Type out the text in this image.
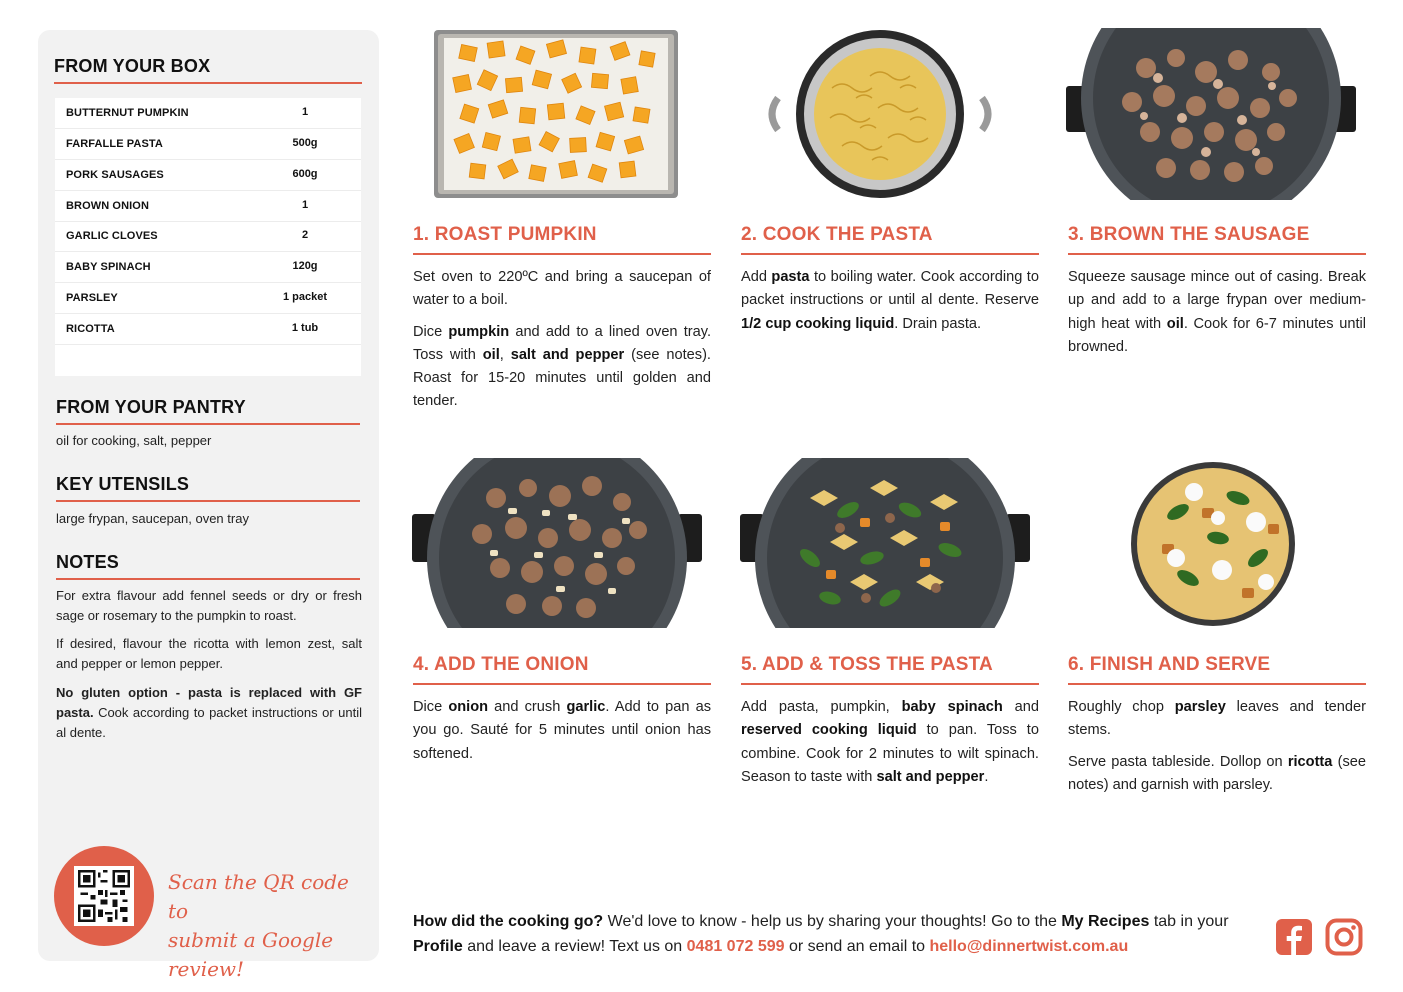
FROM YOUR BOX
BUTTERNUT PUMPKIN	1
FARFALLE PASTA	500g
PORK SAUSAGES	600g
BROWN ONION	1
GARLIC CLOVES	2
BABY SPINACH	120g
PARSLEY	1 packet
RICOTTA	1 tub
FROM YOUR PANTRY
oil for cooking, salt, pepper
KEY UTENSILS
large frypan, saucepan, oven tray
NOTES
For extra flavour add fennel seeds or dry or fresh sage or rosemary to the pumpkin to roast.
If desired, flavour the ricotta with lemon zest, salt and pepper or lemon pepper.
No gluten option - pasta is replaced with GF pasta. Cook according to packet instructions or until al dente.
Scan the QR code to
submit a Google review!
1. ROAST PUMPKIN

Set oven to 220ºC and bring a saucepan of water to a boil.

Dice pumpkin and add to a lined oven tray. Toss with oil, salt and pepper (see notes). Roast for 15-20 minutes until golden and tender.

2. COOK THE PASTA

Add pasta to boiling water. Cook according to packet instructions or until al dente. Reserve 1/2 cup cooking liquid. Drain pasta.

3. BROWN THE SAUSAGE

Squeeze sausage mince out of casing. Break up and add to a large frypan over medium-high heat with oil. Cook for 6-7 minutes until browned.

4. ADD THE ONION

Dice onion and crush garlic. Add to pan as you go. Sauté for 5 minutes until onion has softened.

5. ADD & TOSS THE PASTA

Add pasta, pumpkin, baby spinach and reserved cooking liquid to pan. Toss to combine. Cook for 2 minutes to wilt spinach. Season to taste with salt and pepper.

6. FINISH AND SERVE

Roughly chop parsley leaves and tender stems.

Serve pasta tableside. Dollop on ricotta (see notes) and garnish with parsley.

How did the cooking go? We'd love to know - help us by sharing your thoughts! Go to the My Recipes tab in your Profile and leave a review! Text us on 0481 072 599 or send an email to hello@dinnertwist.com.au
